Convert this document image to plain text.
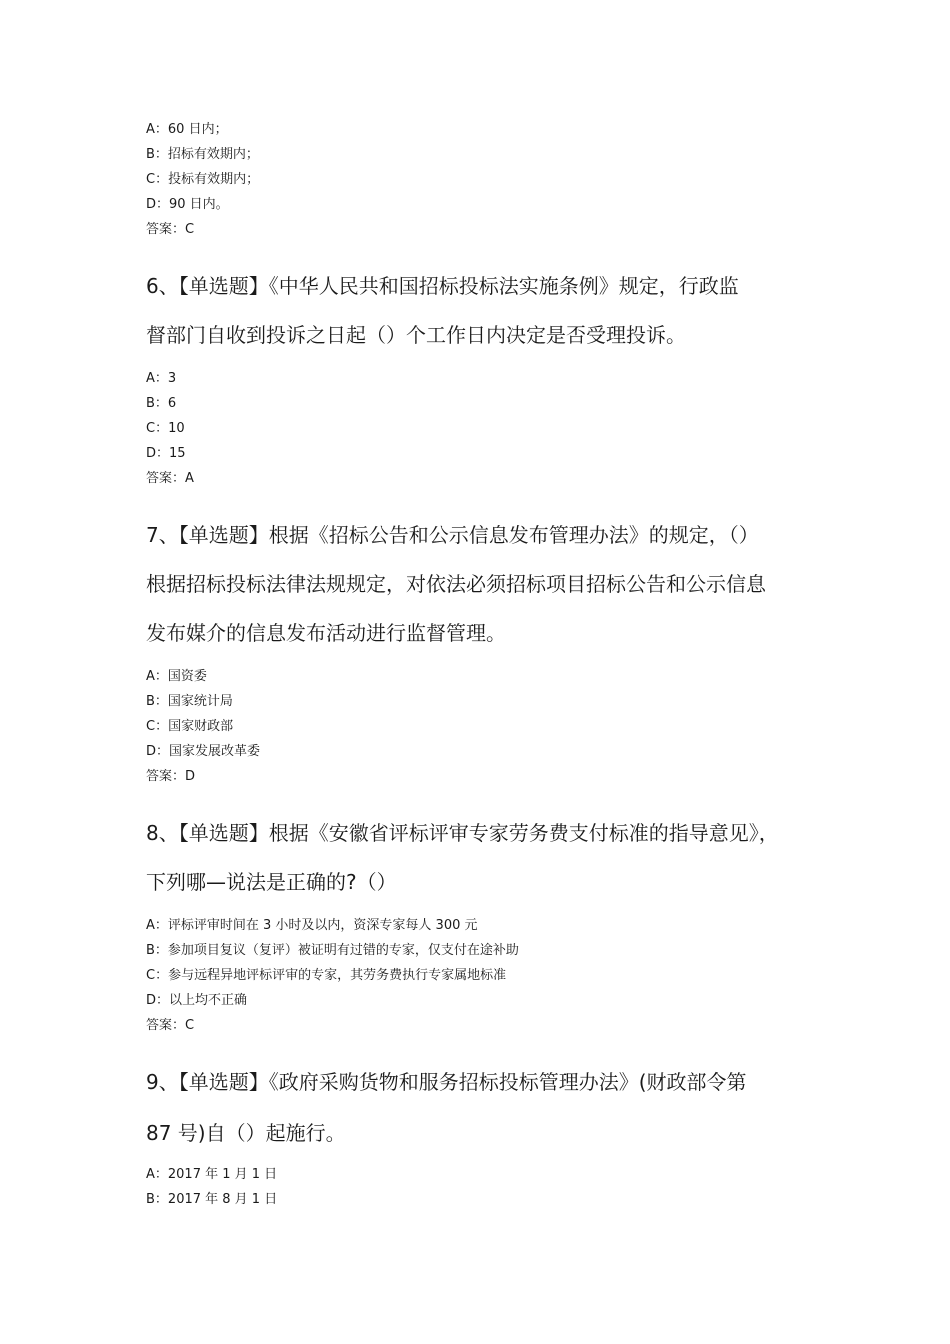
A：60 日内；
B：招标有效期内；
C：投标有效期内；
D：90 日内。
答案：C
6、【单选题】《中华人民共和国招标投标法实施条例》规定，行政监
督部门自收到投诉之日起（）个工作日内决定是否受理投诉。
A：3
B：6
C：10
D：15
答案：A
7、【单选题】根据《招标公告和公示信息发布管理办法》的规定，（）
根据招标投标法律法规规定，对依法必须招标项目招标公告和公示信息
发布媒介的信息发布活动进行监督管理。
A：国资委
B：国家统计局
C：国家财政部
D：国家发展改革委
答案：D
8、【单选题】根据《安徽省评标评审专家劳务费支付标准的指导意见》，
下列哪—说法是正确的?（）
A：评标评审时间在 3 小时及以内，资深专家每人 300 元
B：参加项目复议（复评）被证明有过错的专家，仅支付在途补助
C：参与远程异地评标评审的专家，其劳务费执行专家属地标准
D：以上均不正确
答案：C
9、【单选题】《政府采购货物和服务招标投标管理办法》(财政部令第
87 号)自（）起施行。
A：2017 年 1 月 1 日
B：2017 年 8 月 1 日
